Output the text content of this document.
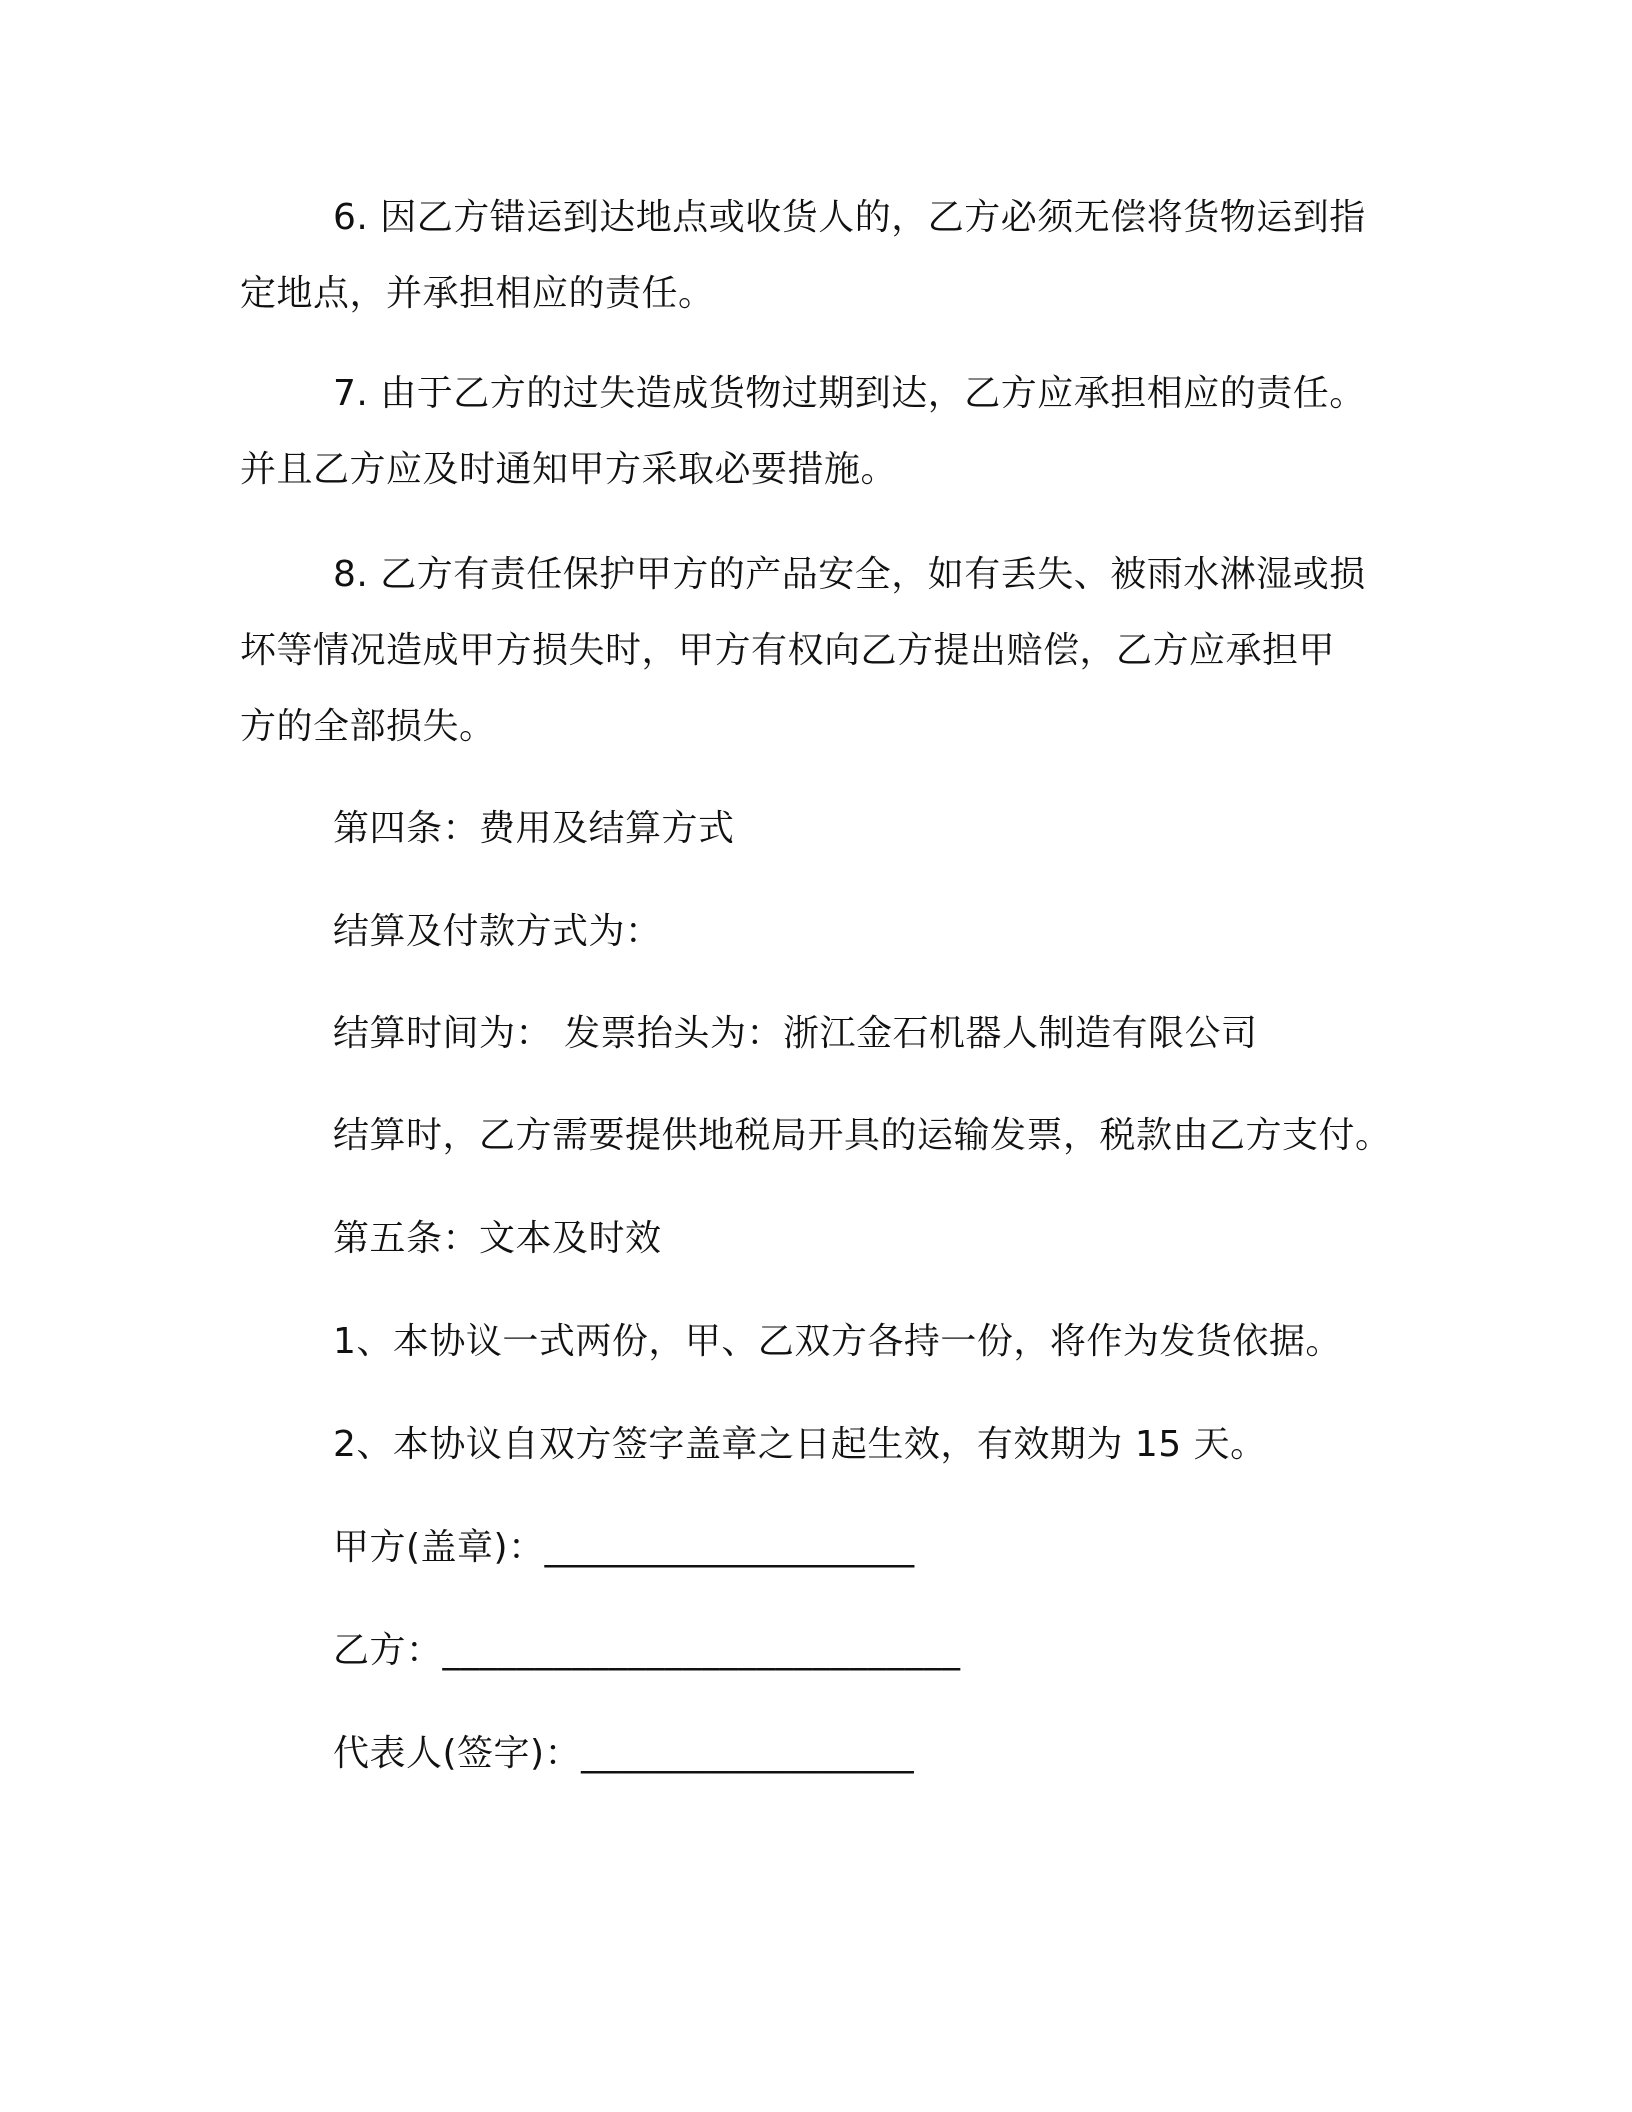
6. 因乙方错运到达地点或收货人的，乙方必须无偿将货物运到指
定地点，并承担相应的责任。
7. 由于乙方的过失造成货物过期到达，乙方应承担相应的责任。
并且乙方应及时通知甲方采取必要措施。
8. 乙方有责任保护甲方的产品安全，如有丢失、被雨水淋湿或损
坏等情况造成甲方损失时，甲方有权向乙方提出赔偿，乙方应承担甲
方的全部损失。
第四条：费用及结算方式
结算及付款方式为：
结算时间为： 发票抬头为：浙江金石机器人制造有限公司
结算时，乙方需要提供地税局开具的运输发票，税款由乙方支付。
第五条：文本及时效
1、本协议一式两份，甲、乙双方各持一份，将作为发货依据。
2、本协议自双方签字盖章之日起生效，有效期为 15 天。
甲方(盖章)：____________________
乙方：____________________________
代表人(签字)：__________________
